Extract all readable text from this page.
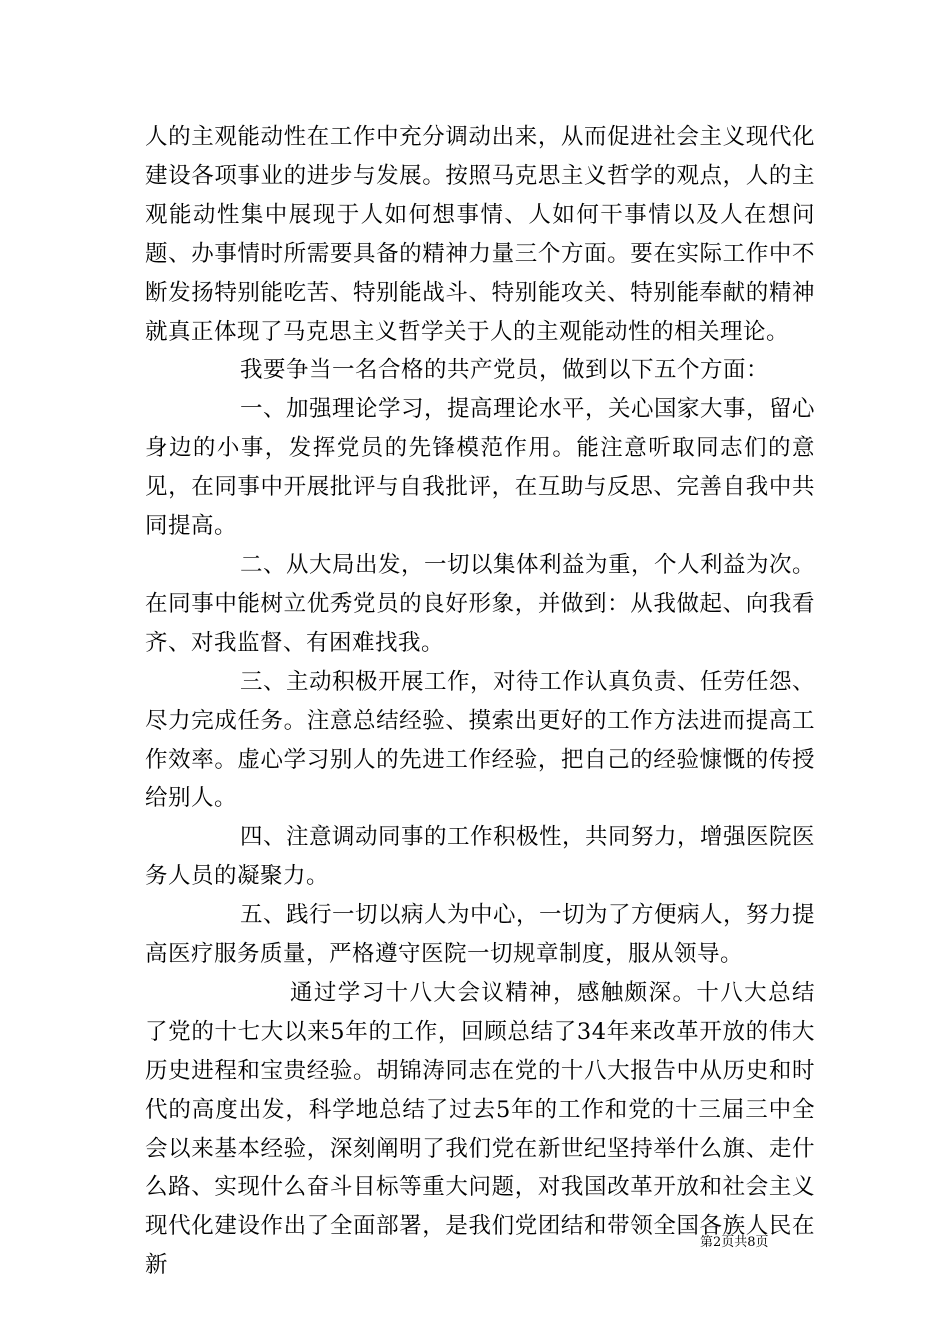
人的主观能动性在工作中充分调动出来，从而促进社会主义现代化建设各项事业的进步与发展。按照马克思主义哲学的观点，人的主观能动性集中展现于人如何想事情、人如何干事情以及人在想问题、办事情时所需要具备的精神力量三个方面。要在实际工作中不断发扬特别能吃苦、特别能战斗、特别能攻关、特别能奉献的精神就真正体现了马克思主义哲学关于人的主观能动性的相关理论。

我要争当一名合格的共产党员，做到以下五个方面：

一、加强理论学习，提高理论水平，关心国家大事，留心身边的小事，发挥党员的先锋模范作用。能注意听取同志们的意见，在同事中开展批评与自我批评，在互助与反思、完善自我中共同提高。

二、从大局出发，一切以集体利益为重，个人利益为次。在同事中能树立优秀党员的良好形象，并做到：从我做起、向我看齐、对我监督、有困难找我。

三、主动积极开展工作，对待工作认真负责、任劳任怨、尽力完成任务。注意总结经验、摸索出更好的工作方法进而提高工作效率。虚心学习别人的先进工作经验，把自己的经验慷慨的传授给别人。

四、注意调动同事的工作积极性，共同努力，增强医院医务人员的凝聚力。

五、践行一切以病人为中心，一切为了方便病人，努力提高医疗服务质量，严格遵守医院一切规章制度，服从领导。

通过学习十八大会议精神，感触颇深。十八大总结了党的十七大以来5年的工作，回顾总结了34年来改革开放的伟大历史进程和宝贵经验。胡锦涛同志在党的十八大报告中从历史和时代的高度出发，科学地总结了过去5年的工作和党的十三届三中全会以来基本经验，深刻阐明了我们党在新世纪坚持举什么旗、走什么路、实现什么奋斗目标等重大问题，对我国改革开放和社会主义现代化建设作出了全面部署，是我们党团结和带领全国各族人民在新

第2页共8页
